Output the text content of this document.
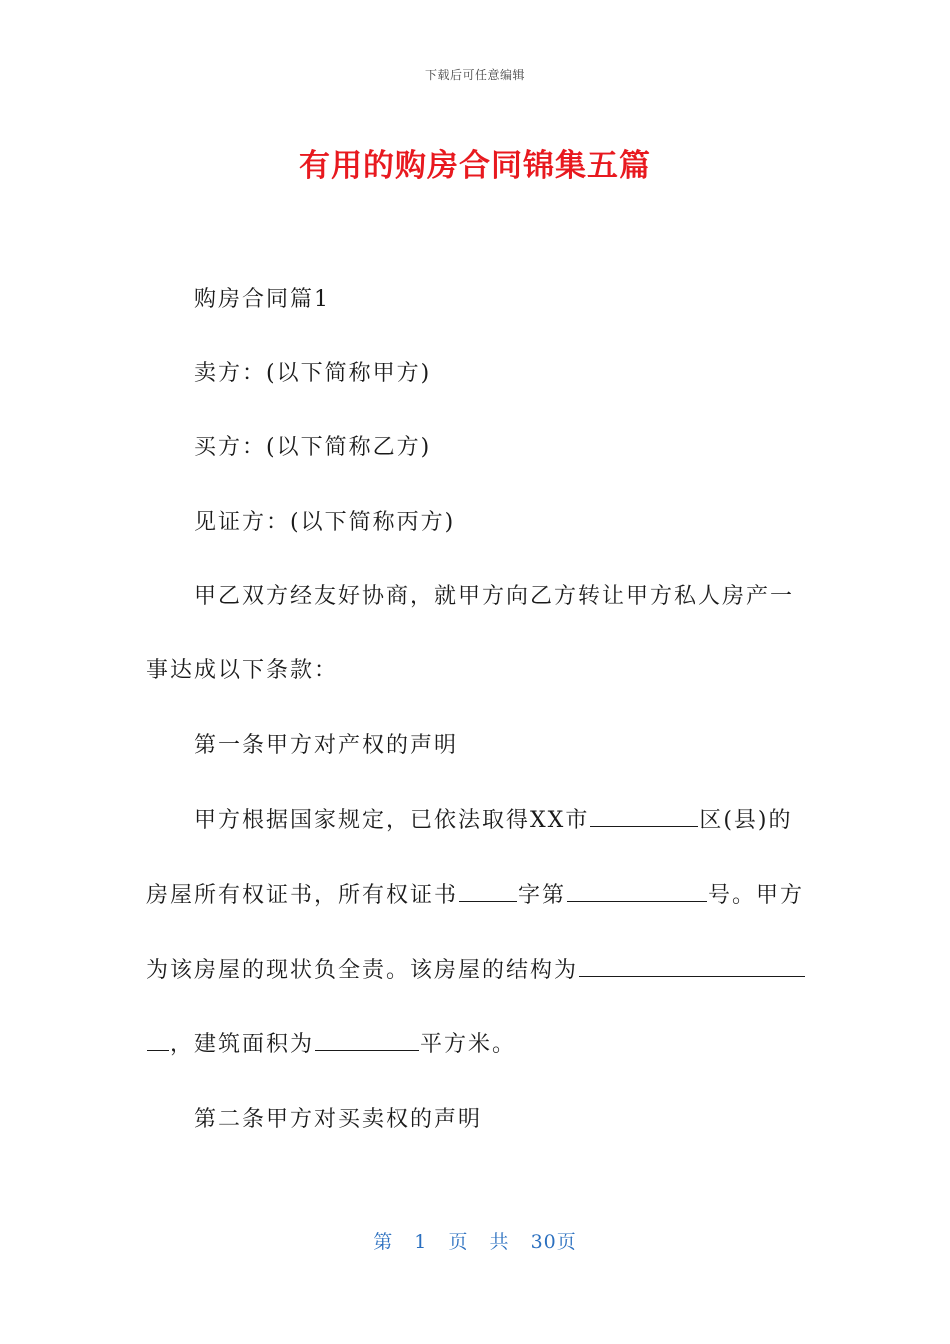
下载后可任意编辑
有用的购房合同锦集五篇
购房合同篇1
卖方：(以下简称甲方)
买方：(以下简称乙方)
见证方：(以下简称丙方)
甲乙双方经友好协商，就甲方向乙方转让甲方私人房产一
事达成以下条款：
第一条甲方对产权的声明
甲方根据国家规定，已依法取得XX市	区(县)的
房屋所有权证书，所有权证书	字第	号。甲方
为该房屋的现状负全责。该房屋的结构为
，建筑面积为	平方米。
第二条甲方对买卖权的声明
第 1 页 共 30页
